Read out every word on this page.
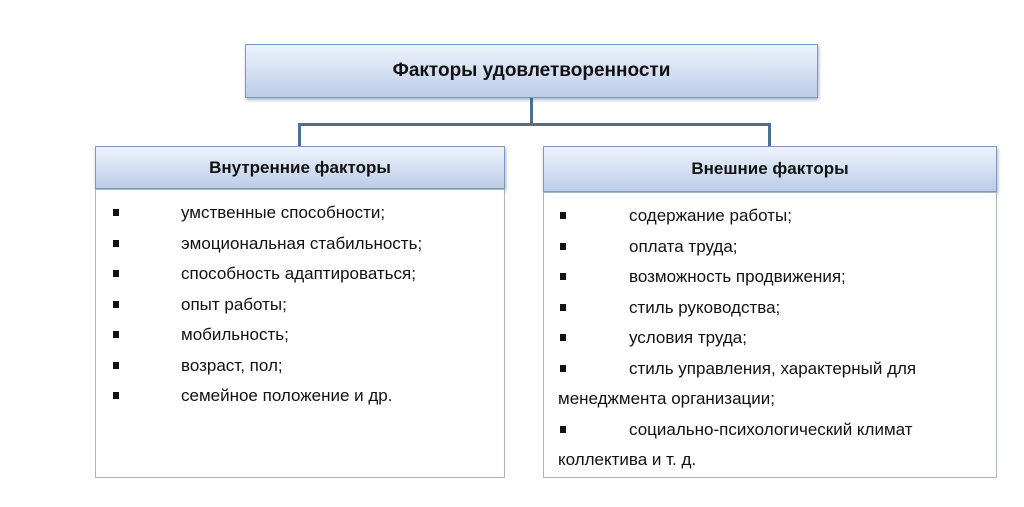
Факторы удовлетворенности
Внутренние факторы
умственные способности;
эмоциональная стабильность;
способность адаптироваться;
опыт работы;
мобильность;
возраст, пол;
семейное положение и др.
Внешние факторы
содержание работы;
оплата труда;
возможность продвижения;
стиль руководства;
условия труда;
стиль управления, характерный для менеджмента организации;
социально-психологический климат коллектива и т. д.
